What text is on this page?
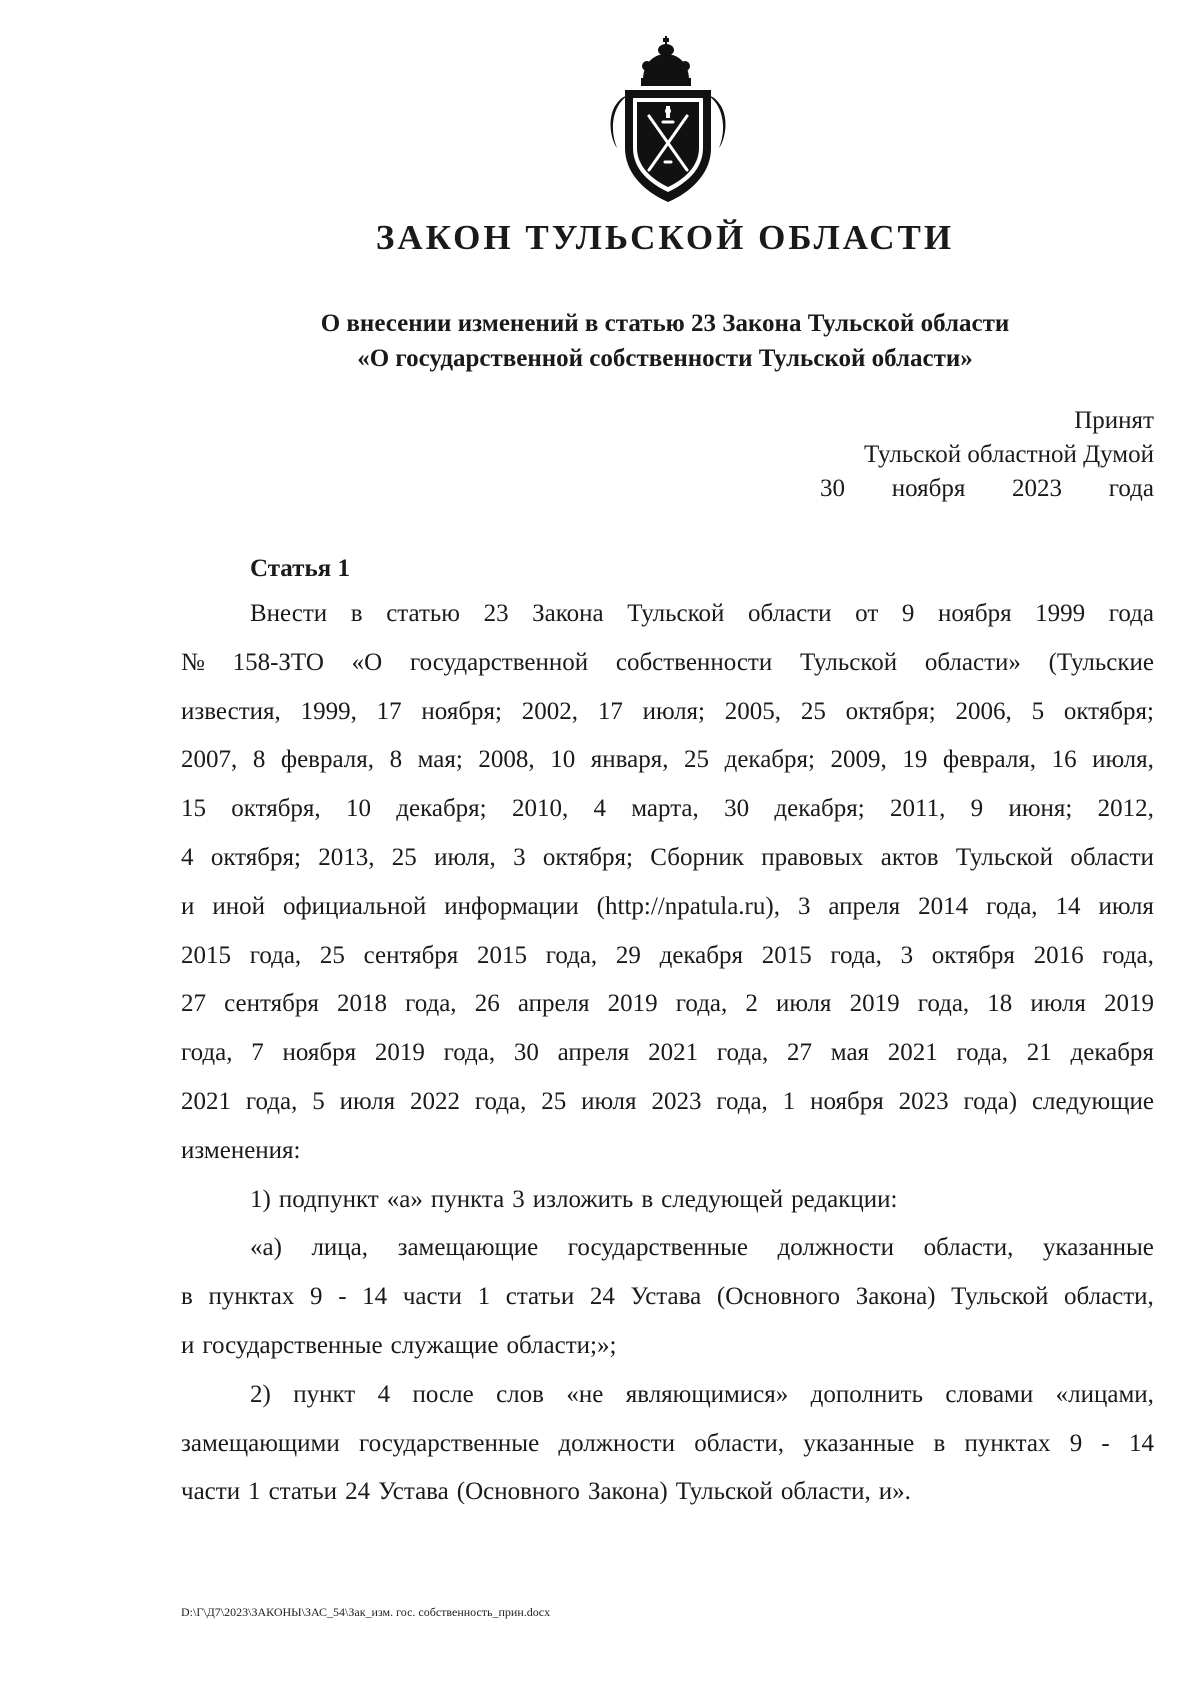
ЗАКОН ТУЛЬСКОЙ ОБЛАСТИ
О внесении изменений в статью 23 Закона Тульской области
«О государственной собственности Тульской области»
Принят
Тульской областной Думой
30 ноября 2023 года
Статья 1
Внести в статью 23 Закона Тульской области от 9 ноября 1999 года
№ 158-ЗТО «О государственной собственности Тульской области» (Тульские
известия, 1999, 17 ноября; 2002, 17 июля; 2005, 25 октября; 2006, 5 октября;
2007, 8 февраля, 8 мая; 2008, 10 января, 25 декабря; 2009, 19 февраля, 16 июля,
15 октября, 10 декабря; 2010, 4 марта, 30 декабря; 2011, 9 июня; 2012,
4 октября; 2013, 25 июля, 3 октября; Сборник правовых актов Тульской области
и иной официальной информации (http://npatula.ru), 3 апреля 2014 года, 14 июля
2015 года, 25 сентября 2015 года, 29 декабря 2015 года, 3 октября 2016 года,
27 сентября 2018 года, 26 апреля 2019 года, 2 июля 2019 года, 18 июля 2019
года, 7 ноября 2019 года, 30 апреля 2021 года, 27 мая 2021 года, 21 декабря
2021 года, 5 июля 2022 года, 25 июля 2023 года, 1 ноября 2023 года) следующие
изменения:
1) подпункт «а» пункта 3 изложить в следующей редакции:
«а) лица, замещающие государственные должности области, указанные
в пунктах 9 - 14 части 1 статьи 24 Устава (Основного Закона) Тульской области,
и государственные служащие области;»;
2) пункт 4 после слов «не являющимися» дополнить словами «лицами,
замещающими государственные должности области, указанные в пунктах 9 - 14
части 1 статьи 24 Устава (Основного Закона) Тульской области, и».
D:\Г\Д7\2023\ЗАКОНЫ\ЗАС_54\Зак_изм. гос. собственность_прин.docx
